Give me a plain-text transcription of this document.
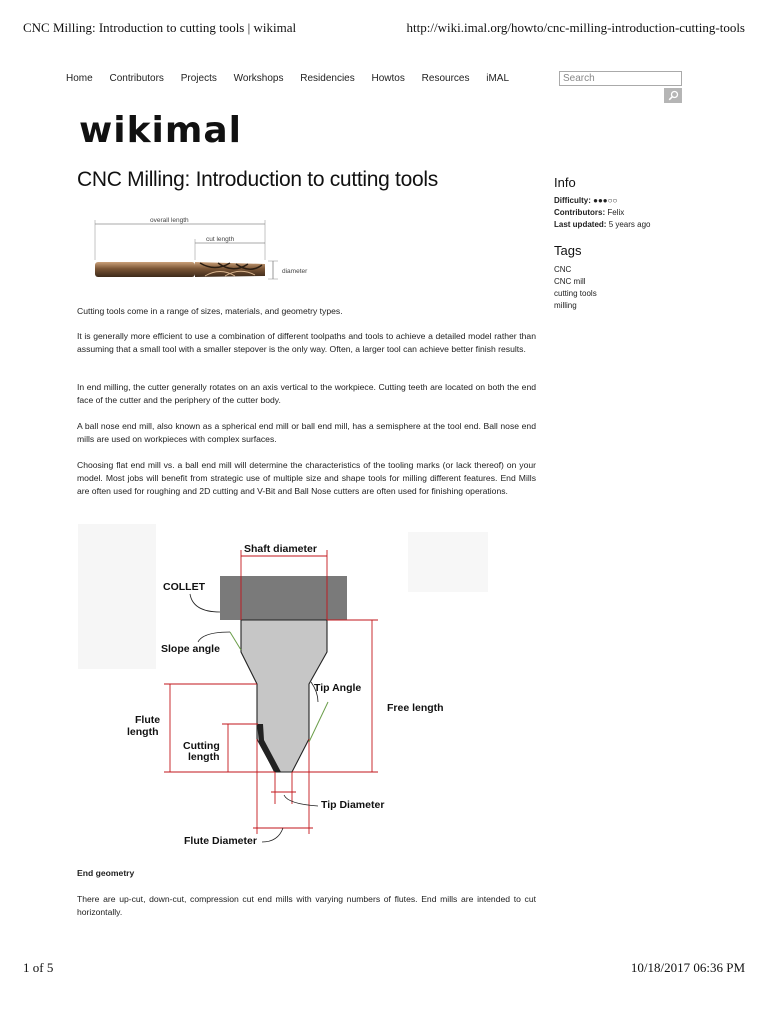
CNC Milling: Introduction to cutting tools | wikimal	http://wiki.imal.org/howto/cnc-milling-introduction-cutting-tools
Home Contributors Projects Workshops Residencies Howtos Resources iMAL
Search
wikimal
CNC Milling: Introduction to cutting tools	Info
Difficulty: ●●●○○
Contributors: Felix
Last updated: 5 years ago
Tags
CNC
CNC mill
cutting tools
milling
overall length
cut length
diameter

Cutting tools come in a range of sizes, materials, and geometry types.

It is generally more efficient to use a combination of different toolpaths and tools to achieve a detailed model rather than assuming that a small tool with a smaller stepover is the only way. Often, a larger tool can achieve better finish results.

In end milling, the cutter generally rotates on an axis vertical to the workpiece. Cutting teeth are located on both the end face of the cutter and the periphery of the cutter body.

A ball nose end mill, also known as a spherical end mill or ball end mill, has a semisphere at the tool end. Ball nose end mills are used on workpieces with complex surfaces.

Choosing flat end mill vs. a ball end mill will determine the characteristics of the tooling marks (or lack thereof) on your model. Most jobs will benefit from strategic use of multiple size and shape tools for milling different features. End Mills are often used for roughing and 2D cutting and V-Bit and Ball Nose cutters are often used for finishing operations.

Shaft diameter
COLLET
Slope angle
Tip Angle
Free length
Flute
length
Cutting
length
Tip Diameter
Flute Diameter
End geometry

There are up-cut, down-cut, compression cut end mills with varying numbers of flutes. End mills are intended to cut horizontally.

1 of 5	10/18/2017 06:36 PM
